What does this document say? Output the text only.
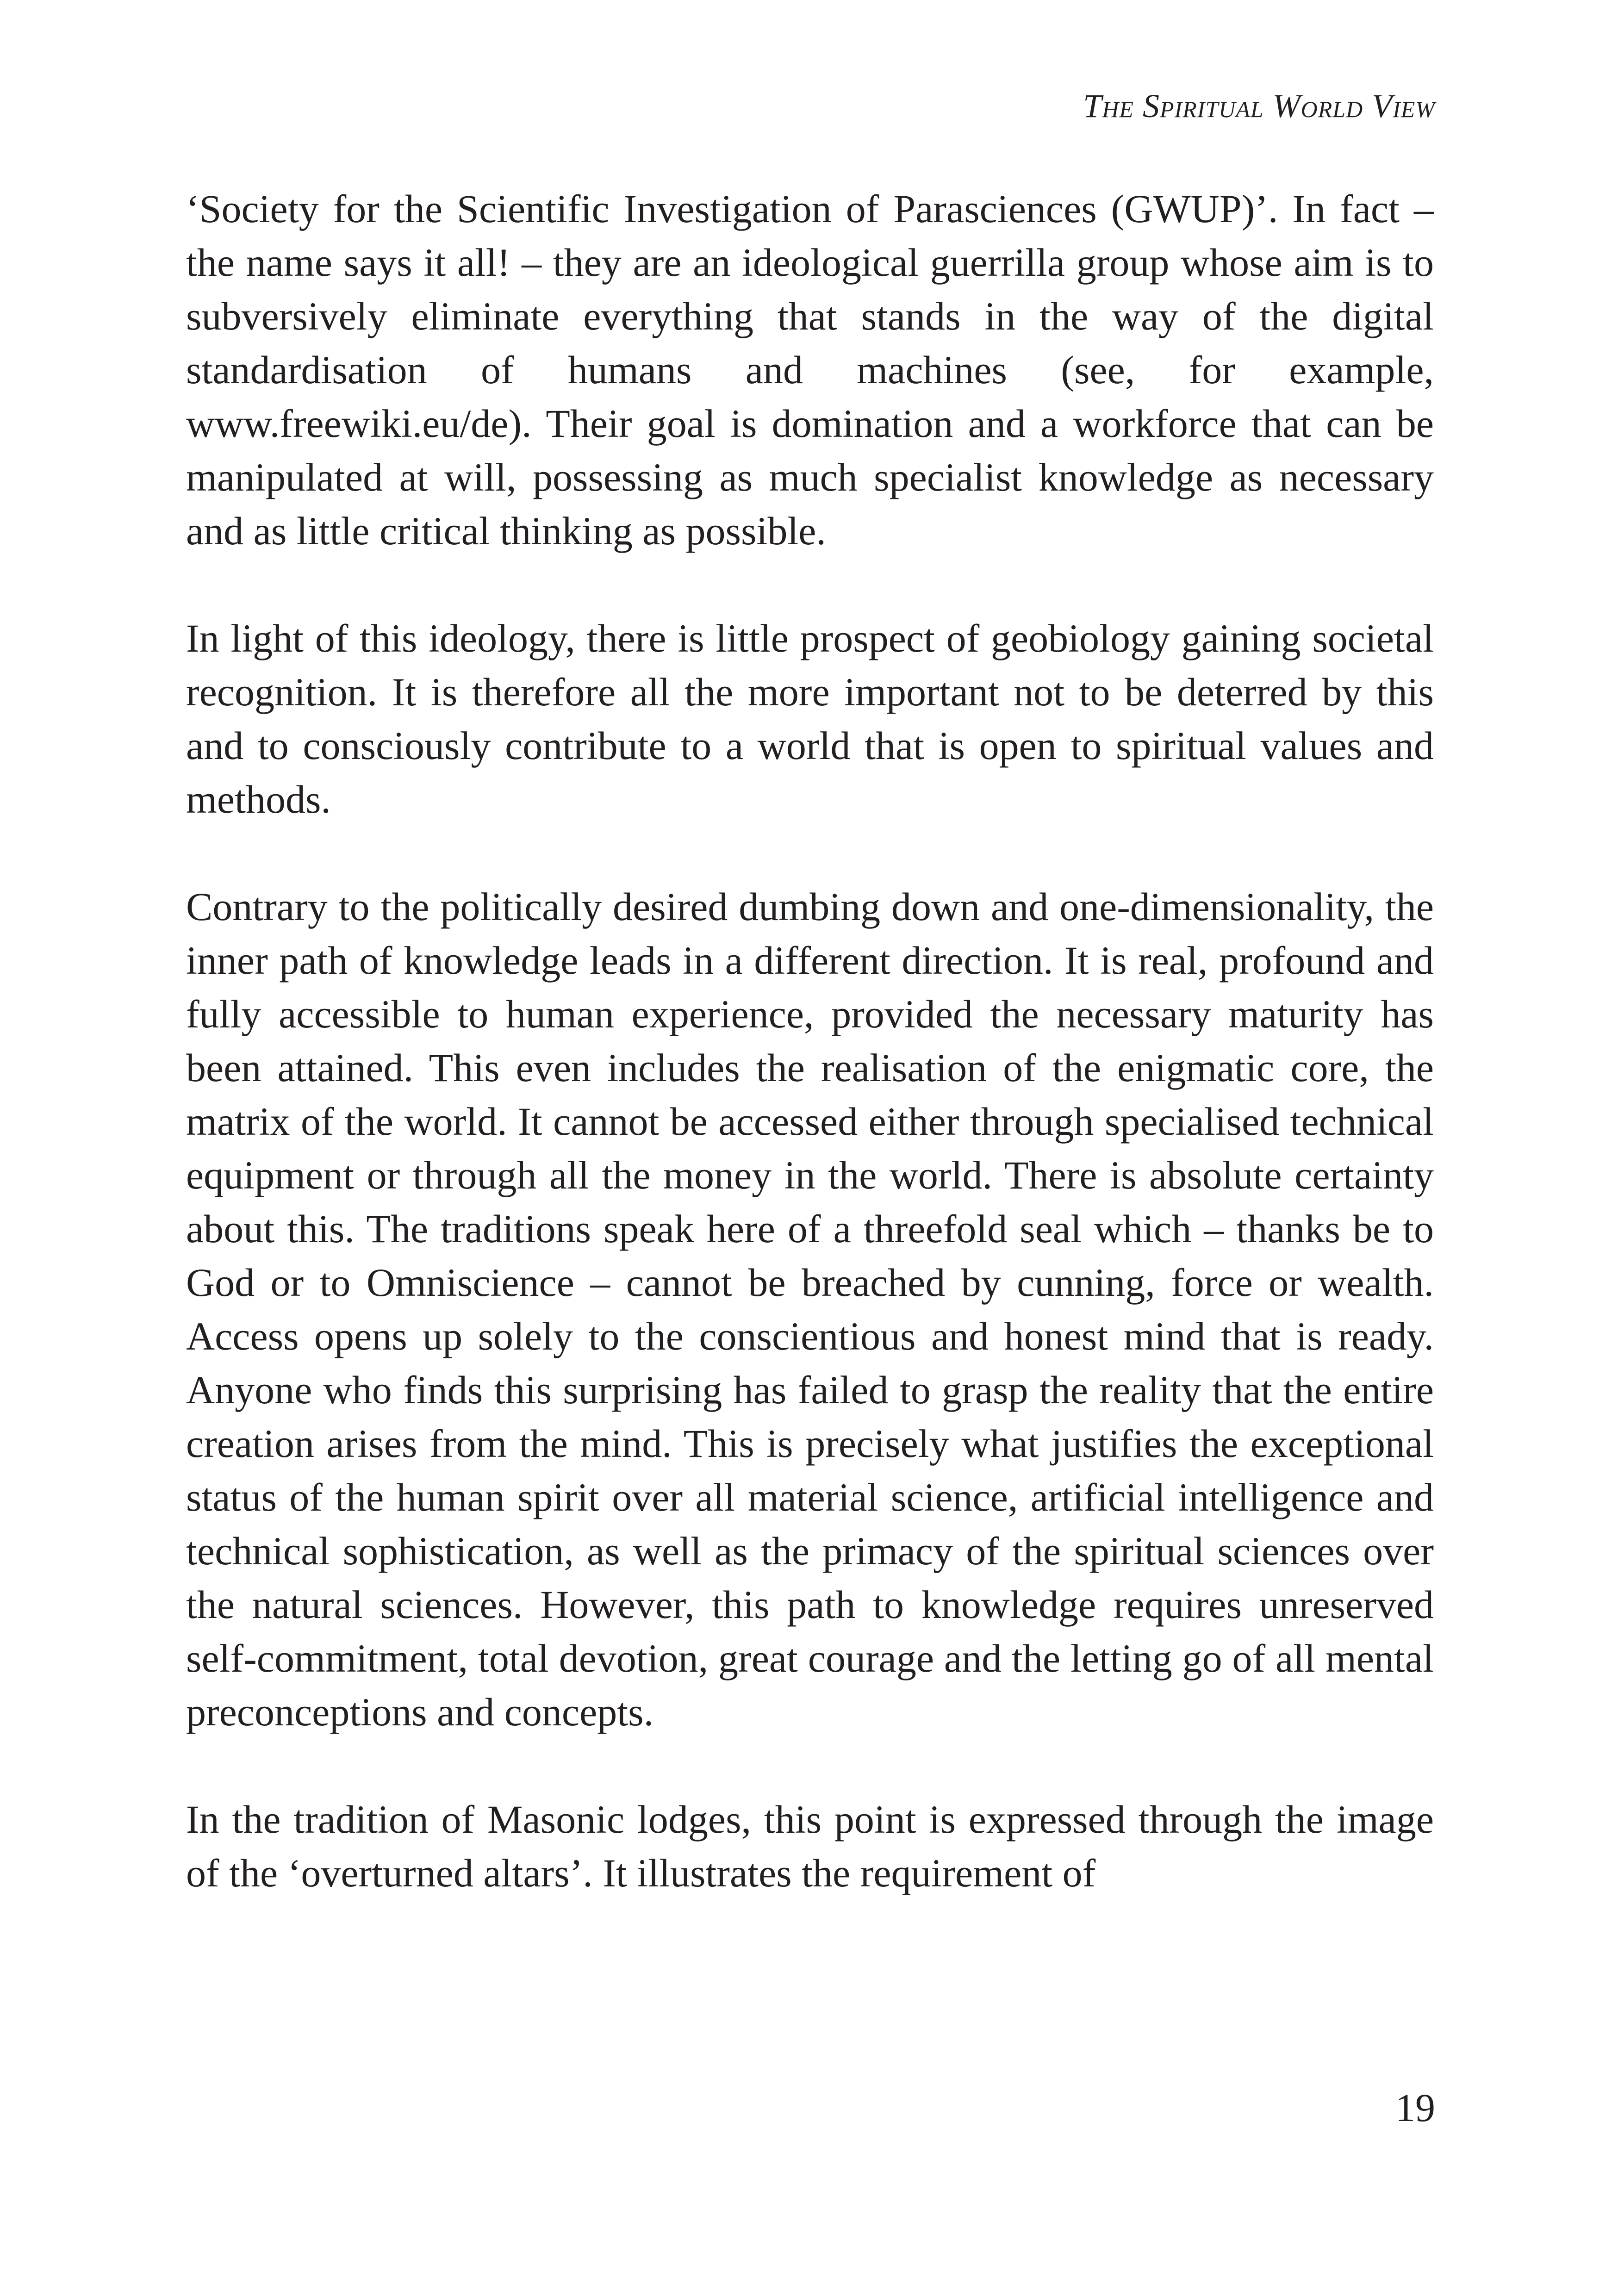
The Spiritual World View

‘Society for the Scientific Investigation of Parasciences (GWUP)’. In fact – the name says it all! – they are an ideological guerrilla group whose aim is to subversively eliminate everything that stands in the way of the digital standardisation of humans and machines (see, for example, www.freewiki.eu/de). Their goal is domination and a workforce that can be manipulated at will, possessing as much specialist knowledge as necessary and as little critical thinking as possible.

In light of this ideology, there is little prospect of geobiology gaining societal recognition. It is therefore all the more important not to be deterred by this and to consciously contribute to a world that is open to spiritual values and methods.

Contrary to the politically desired dumbing down and one-dimensionality, the inner path of knowledge leads in a different direction. It is real, profound and fully accessible to human experience, provided the necessary maturity has been attained. This even includes the realisation of the enigmatic core, the matrix of the world. It cannot be accessed either through specialised technical equipment or through all the money in the world. There is absolute certainty about this. The traditions speak here of a threefold seal which – thanks be to God or to Omniscience – cannot be breached by cunning, force or wealth. Access opens up solely to the conscientious and honest mind that is ready. Anyone who finds this surprising has failed to grasp the reality that the entire creation arises from the mind. This is precisely what justifies the exceptional status of the human spirit over all material science, artificial intelligence and technical sophistication, as well as the primacy of the spiritual sciences over the natural sciences. However, this path to knowledge requires unreserved self-commitment, total devotion, great courage and the letting go of all mental preconceptions and concepts.

In the tradition of Masonic lodges, this point is expressed through the image of the ‘overturned altars’. It illustrates the requirement of

19
